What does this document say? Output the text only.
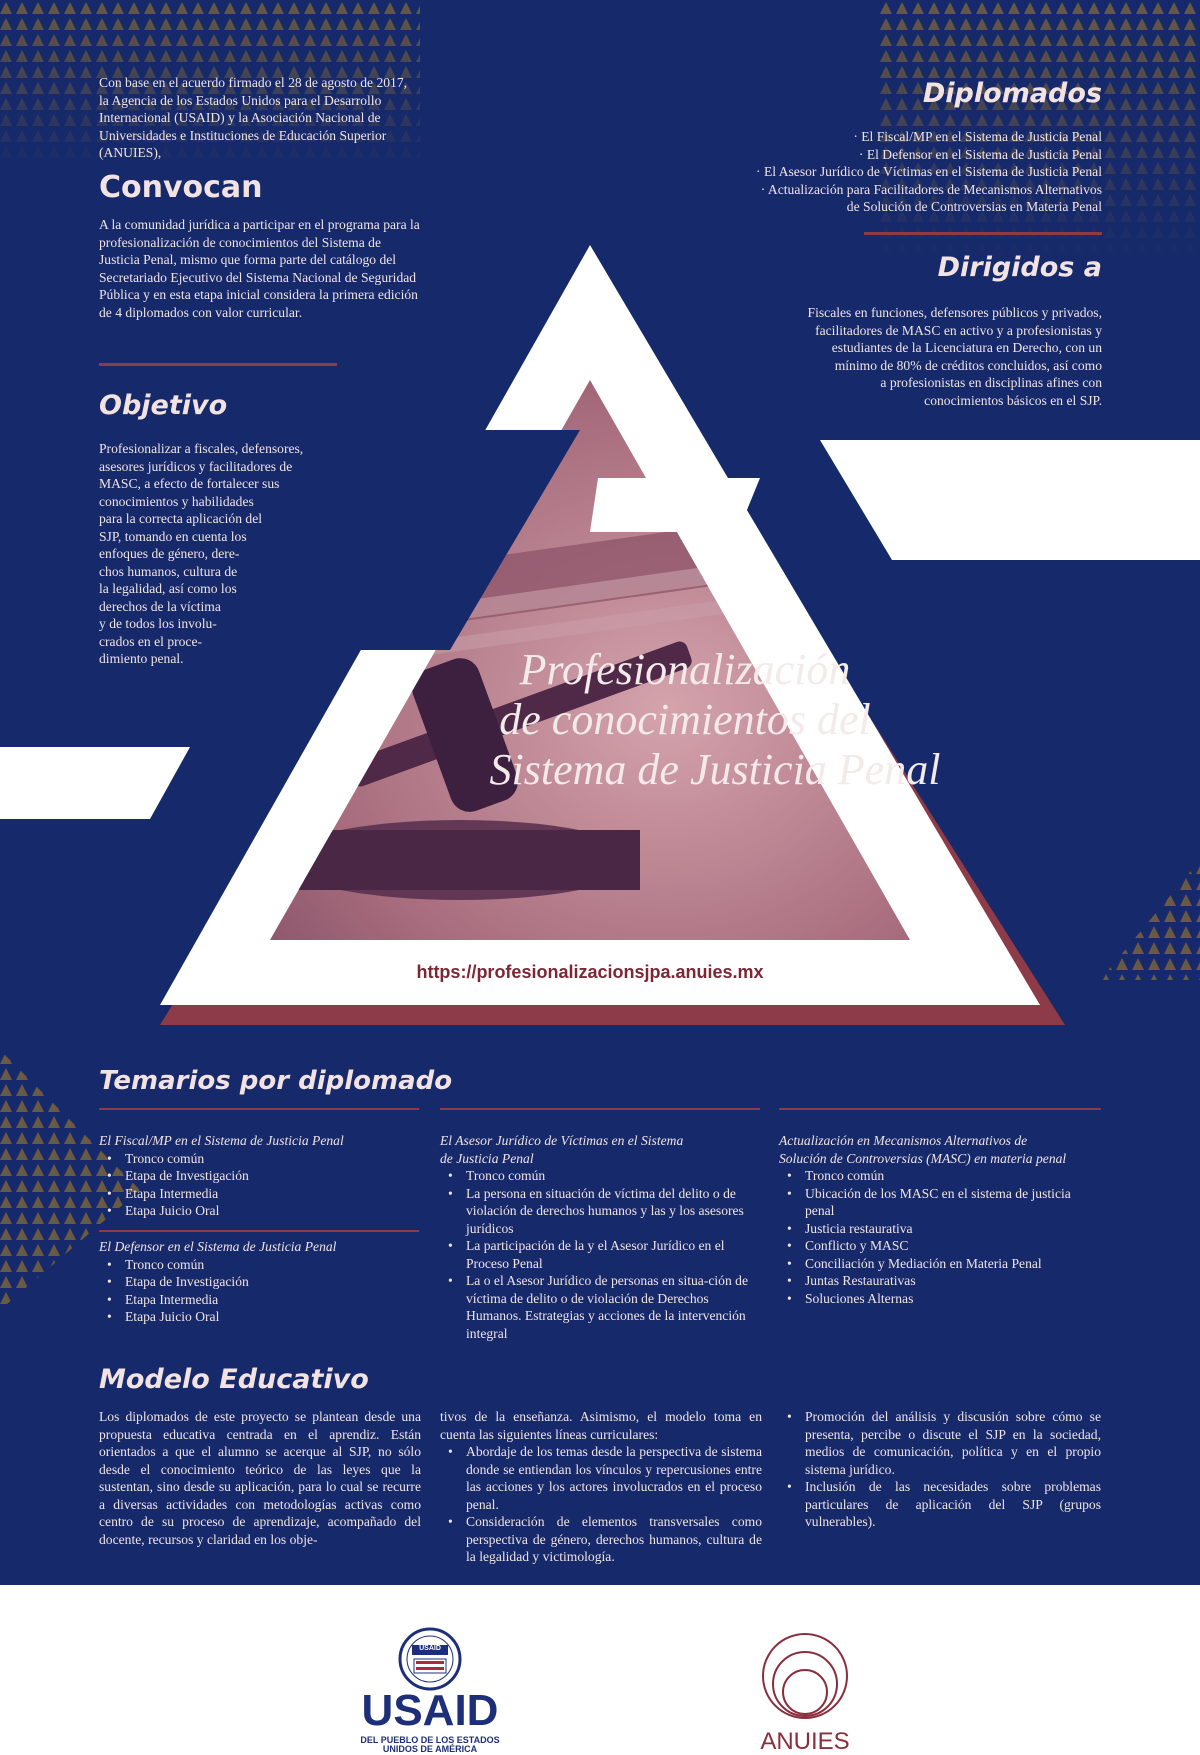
Con base en el acuerdo firmado el 28 de agosto de 2017, la Agencia de los Estados Unidos para el Desarrollo Internacional (USAID) y la Asociación Nacional de Universidades e Instituciones de Educación Superior (ANUIES),
Convocan
A la comunidad jurídica a participar en el programa para la profesionalización de conocimientos del Sistema de Justicia Penal, mismo que forma parte del catálogo del Secretariado Ejecutivo del Sistema Nacional de Seguridad Pública y en esta etapa inicial considera la primera edición de 4 diplomados con valor curricular.
Objetivo
Profesionalizar a fiscales, defensores,
asesores jurídicos y facilitadores de
MASC, a efecto de fortalecer sus
conocimientos y habilidades
para la correcta aplicación del
SJP, tomando en cuenta los
enfoques de género, dere-
chos humanos, cultura de
la legalidad, así como los
derechos de la víctima
y de todos los involu-
crados en el proce-
dimiento penal.
Diplomados
· El Fiscal/MP en el Sistema de Justicia Penal
· El Defensor en el Sistema de Justicia Penal
· El Asesor Jurídico de Víctimas en el Sistema de Justicia Penal
· Actualización para Facilitadores de Mecanismos Alternativos
de Solución de Controversias en Materia Penal
Dirigidos a
Fiscales en funciones, defensores públicos y privados,
facilitadores de MASC en activo y a profesionistas y
estudiantes de la Licenciatura en Derecho, con un
mínimo de 80% de créditos concluidos, así como
a profesionistas en disciplinas afines con
conocimientos básicos en el SJP.
Profesionalización
de conocimientos del
Sistema de Justicia Penal
https://profesionalizacionsjpa.anuies.mx
Temarios por diplomado
El Fiscal/MP en el Sistema de Justicia Penal
• Tronco común
• Etapa de Investigación
• Etapa Intermedia
• Etapa Juicio Oral
El Defensor en el Sistema de Justicia Penal
• Tronco común
• Etapa de Investigación
• Etapa Intermedia
• Etapa Juicio Oral
El Asesor Jurídico de Víctimas en el Sistema
de Justicia Penal
• Tronco común
• La persona en situación de víctima del delito o de violación de derechos humanos y las y los asesores jurídicos
• La participación de la y el Asesor Jurídico en el Proceso Penal
• La o el Asesor Jurídico de personas en situa-ción de víctima de delito o de violación de Derechos Humanos. Estrategias y acciones de la intervención integral
Actualización en Mecanismos Alternativos de
Solución de Controversias (MASC) en materia penal
• Tronco común
• Ubicación de los MASC en el sistema de justicia penal
• Justicia restaurativa
• Conflicto y MASC
• Conciliación y Mediación en Materia Penal
• Juntas Restaurativas
• Soluciones Alternas
Modelo Educativo
Los diplomados de este proyecto se plantean desde una propuesta educativa centrada en el aprendiz. Están orientados a que el alumno se acerque al SJP, no sólo desde el conocimiento teórico de las leyes que la sustentan, sino desde su aplicación, para lo cual se recurre a diversas actividades con metodologías activas como centro de su proceso de aprendizaje, acompañado del docente, recursos y claridad en los obje-
tivos de la enseñanza. Asimismo, el modelo toma en cuenta las siguientes líneas curriculares:
• Abordaje de los temas desde la perspectiva de sistema donde se entiendan los vínculos y repercusiones entre las acciones y los actores involucrados en el proceso penal.
• Consideración de elementos transversales como perspectiva de género, derechos humanos, cultura de la legalidad y victimología.
• Promoción del análisis y discusión sobre cómo se presenta, percibe o discute el SJP en la sociedad, medios de comunicación, política y en el propio sistema jurídico.
• Inclusión de las necesidades sobre problemas particulares de aplicación del SJP (grupos vulnerables).
USAID
USAID
DEL PUEBLO DE LOS ESTADOS
UNIDOS DE AMÉRICA	ANUIES
